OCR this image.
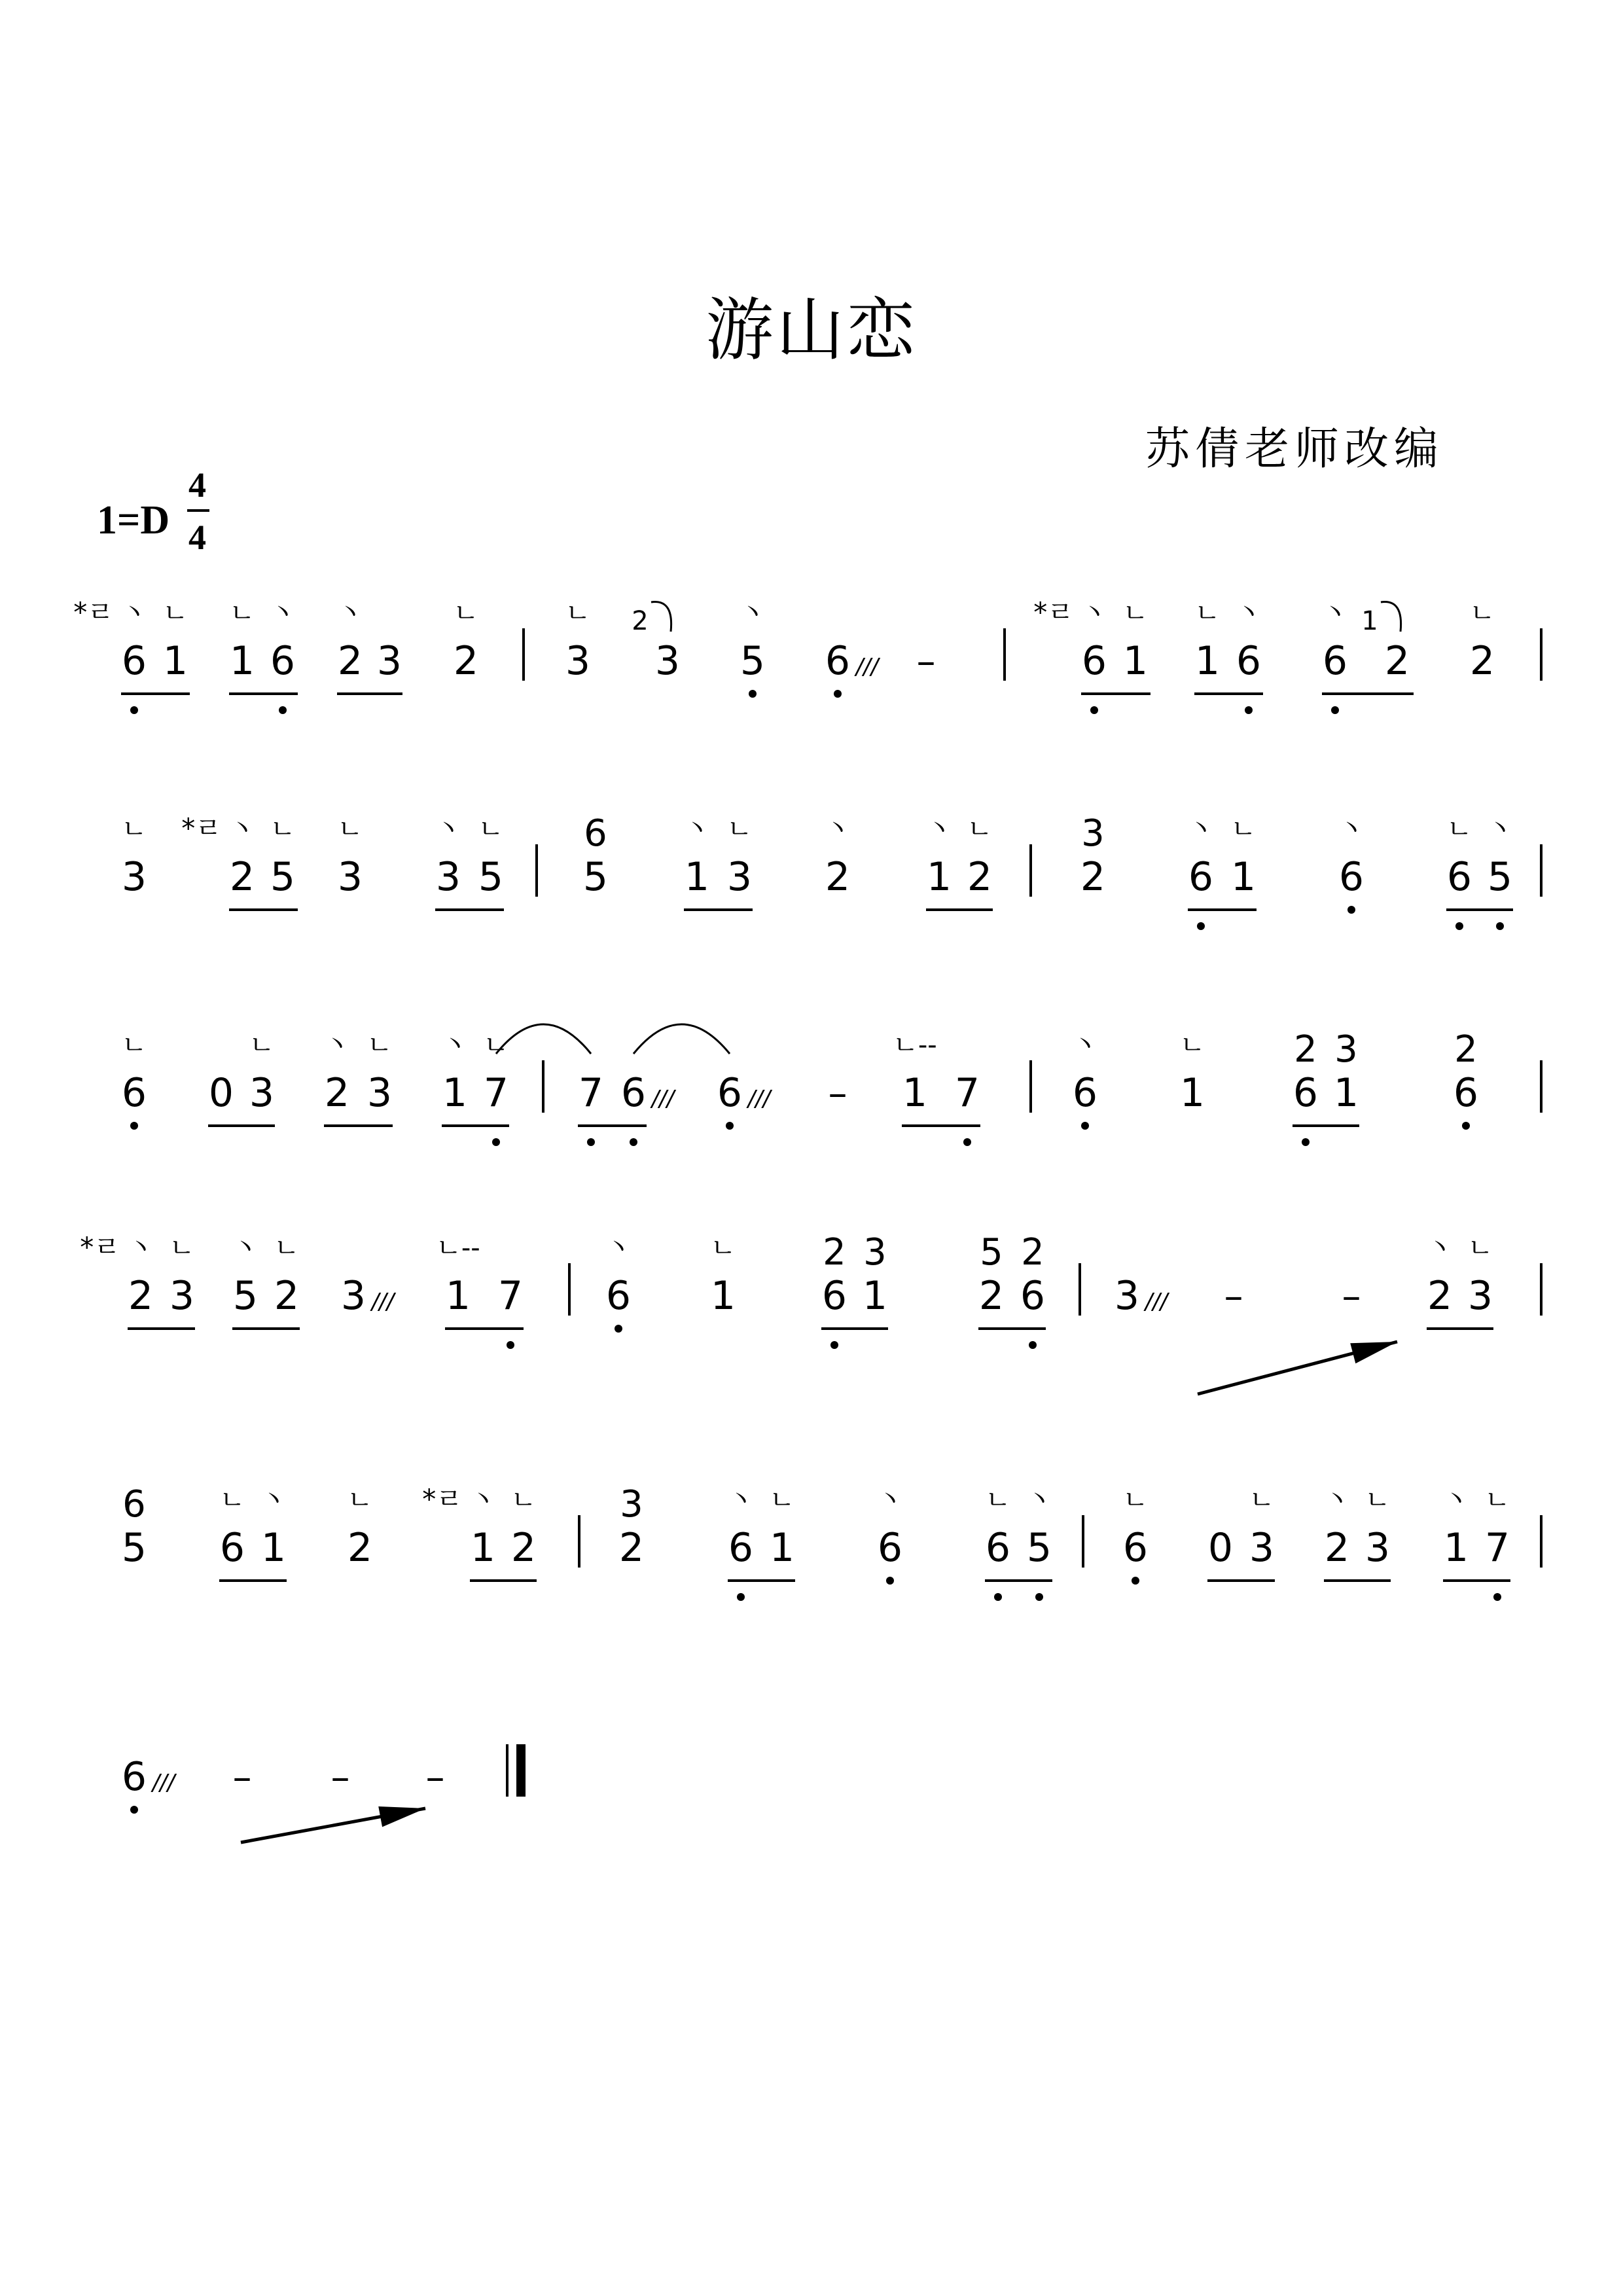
游山恋
苏倩老师改编
1=D
4
4
6
丶
*ㄹ
1
ㄴ
1
ㄴ
6
丶
2
丶
3 2
ㄴ
3
ㄴ
3
2
5
丶
6 /// –	6
丶
*ㄹ
1
ㄴ
1
ㄴ
6
丶
6
丶
2
1
2
ㄴ
3
ㄴ
2
丶
*ㄹ
5
ㄴ
3
ㄴ
3
丶
5
ㄴ
5
6
1
丶
3
ㄴ
2
丶
1
丶
2
ㄴ
2
3
6
丶
1
ㄴ
6
丶
6
ㄴ
5
丶
6
ㄴ
0 3
ㄴ
2
丶
3
ㄴ
1
丶
7
ㄴ
7 6 /// 6 /// – 1
ㄴ--
7 6
丶
1
ㄴ
6
2
1
3
6
2
2
丶
*ㄹ
3
ㄴ
5
丶
2
ㄴ
3 /// 1
ㄴ--
7 6
丶
1
ㄴ
6
2
1
3
2
5
6
2
3 /// –	– 2
丶
3
ㄴ
5
6
6
ㄴ
1
丶
2
ㄴ
1
丶
*ㄹ
2
ㄴ
2
3
6
丶
1
ㄴ
6
丶
6
ㄴ
5
丶
6
ㄴ
0 3
ㄴ
2
丶
3
ㄴ
1
丶
7
ㄴ
6 /// – – –
